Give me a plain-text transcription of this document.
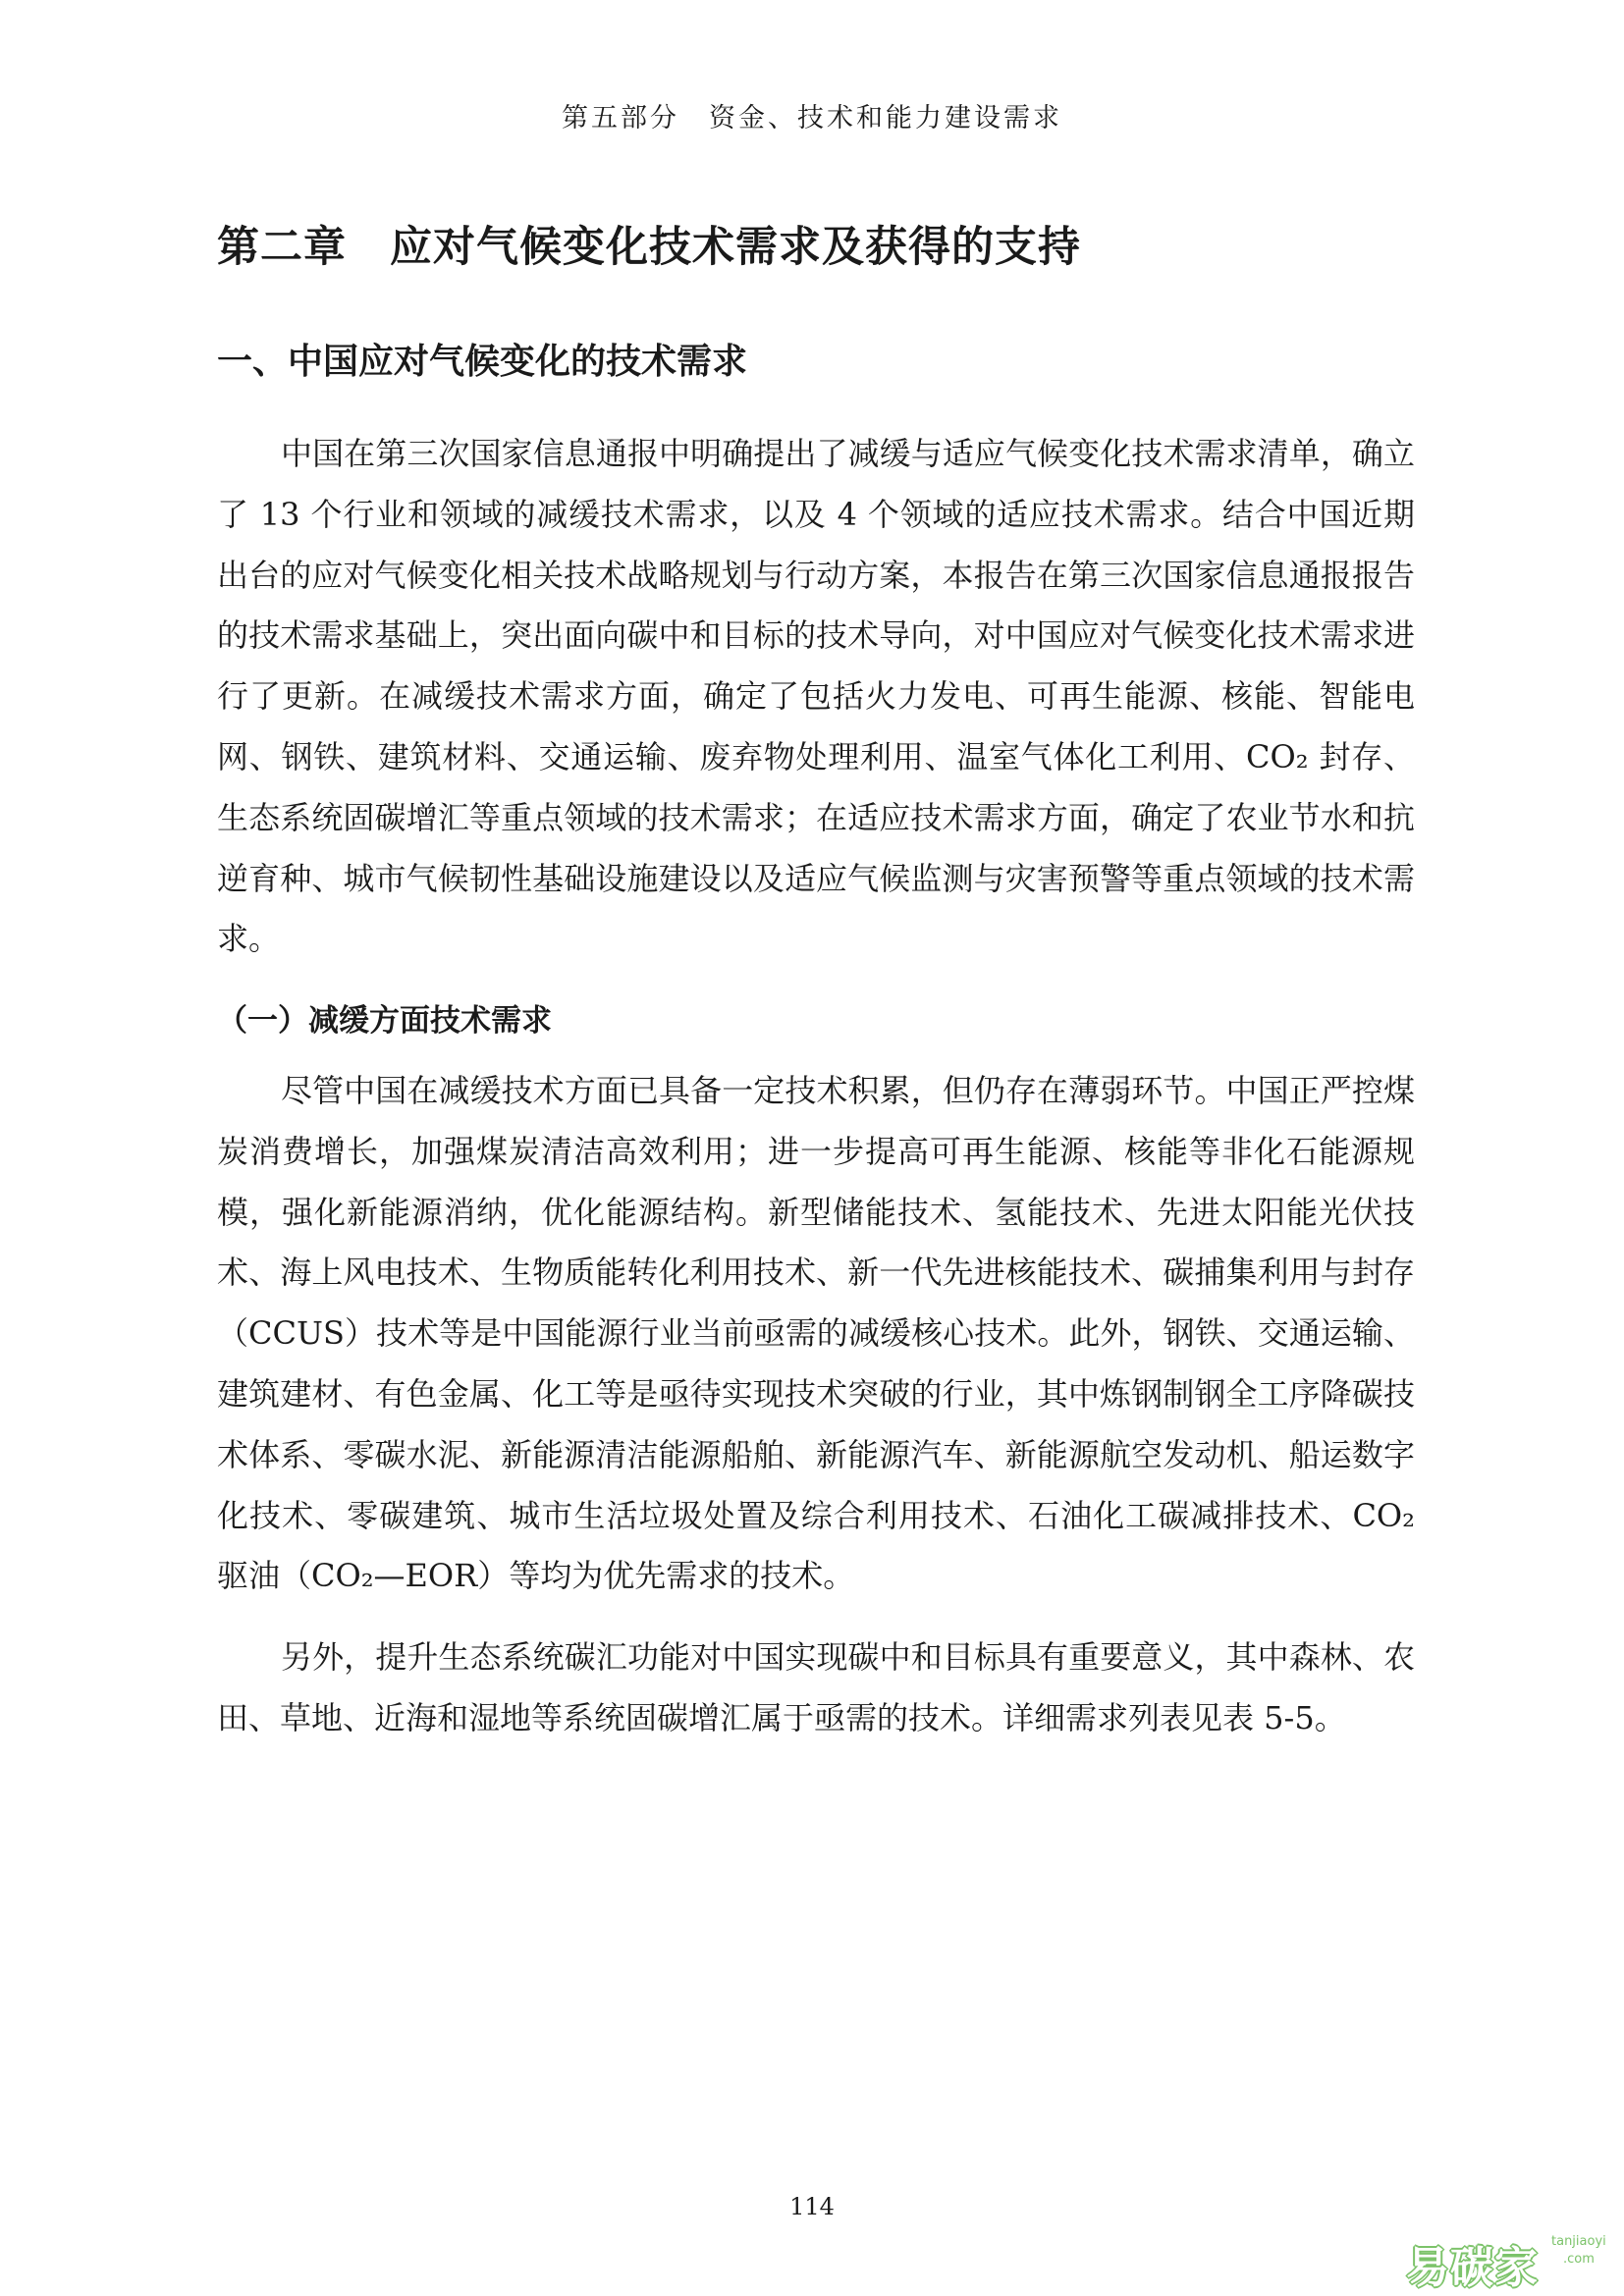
第五部分　资金、技术和能力建设需求
第二章　应对气候变化技术需求及获得的支持
一、中国应对气候变化的技术需求

中国在第三次国家信息通报中明确提出了减缓与适应气候变化技术需求清单，确立了 13 个行业和领域的减缓技术需求，以及 4 个领域的适应技术需求。结合中国近期出台的应对气候变化相关技术战略规划与行动方案，本报告在第三次国家信息通报报告的技术需求基础上，突出面向碳中和目标的技术导向，对中国应对气候变化技术需求进行了更新。在减缓技术需求方面，确定了包括火力发电、可再生能源、核能、智能电网、钢铁、建筑材料、交通运输、废弃物处理利用、温室气体化工利用、CO₂ 封存、生态系统固碳增汇等重点领域的技术需求；在适应技术需求方面，确定了农业节水和抗逆育种、城市气候韧性基础设施建设以及适应气候监测与灾害预警等重点领域的技术需求。

（一）减缓方面技术需求

尽管中国在减缓技术方面已具备一定技术积累，但仍存在薄弱环节。中国正严控煤炭消费增长，加强煤炭清洁高效利用；进一步提高可再生能源、核能等非化石能源规模，强化新能源消纳，优化能源结构。新型储能技术、氢能技术、先进太阳能光伏技术、海上风电技术、生物质能转化利用技术、新一代先进核能技术、碳捕集利用与封存（CCUS）技术等是中国能源行业当前亟需的减缓核心技术。此外，钢铁、交通运输、建筑建材、有色金属、化工等是亟待实现技术突破的行业，其中炼钢制钢全工序降碳技术体系、零碳水泥、新能源清洁能源船舶、新能源汽车、新能源航空发动机、船运数字化技术、零碳建筑、城市生活垃圾处置及综合利用技术、石油化工碳减排技术、CO₂ 驱油（CO₂—EOR）等均为优先需求的技术。

另外，提升生态系统碳汇功能对中国实现碳中和目标具有重要意义，其中森林、农田、草地、近海和湿地等系统固碳增汇属于亟需的技术。详细需求列表见表 5-5。

114
易碳家
tanjiaoyi
.com
